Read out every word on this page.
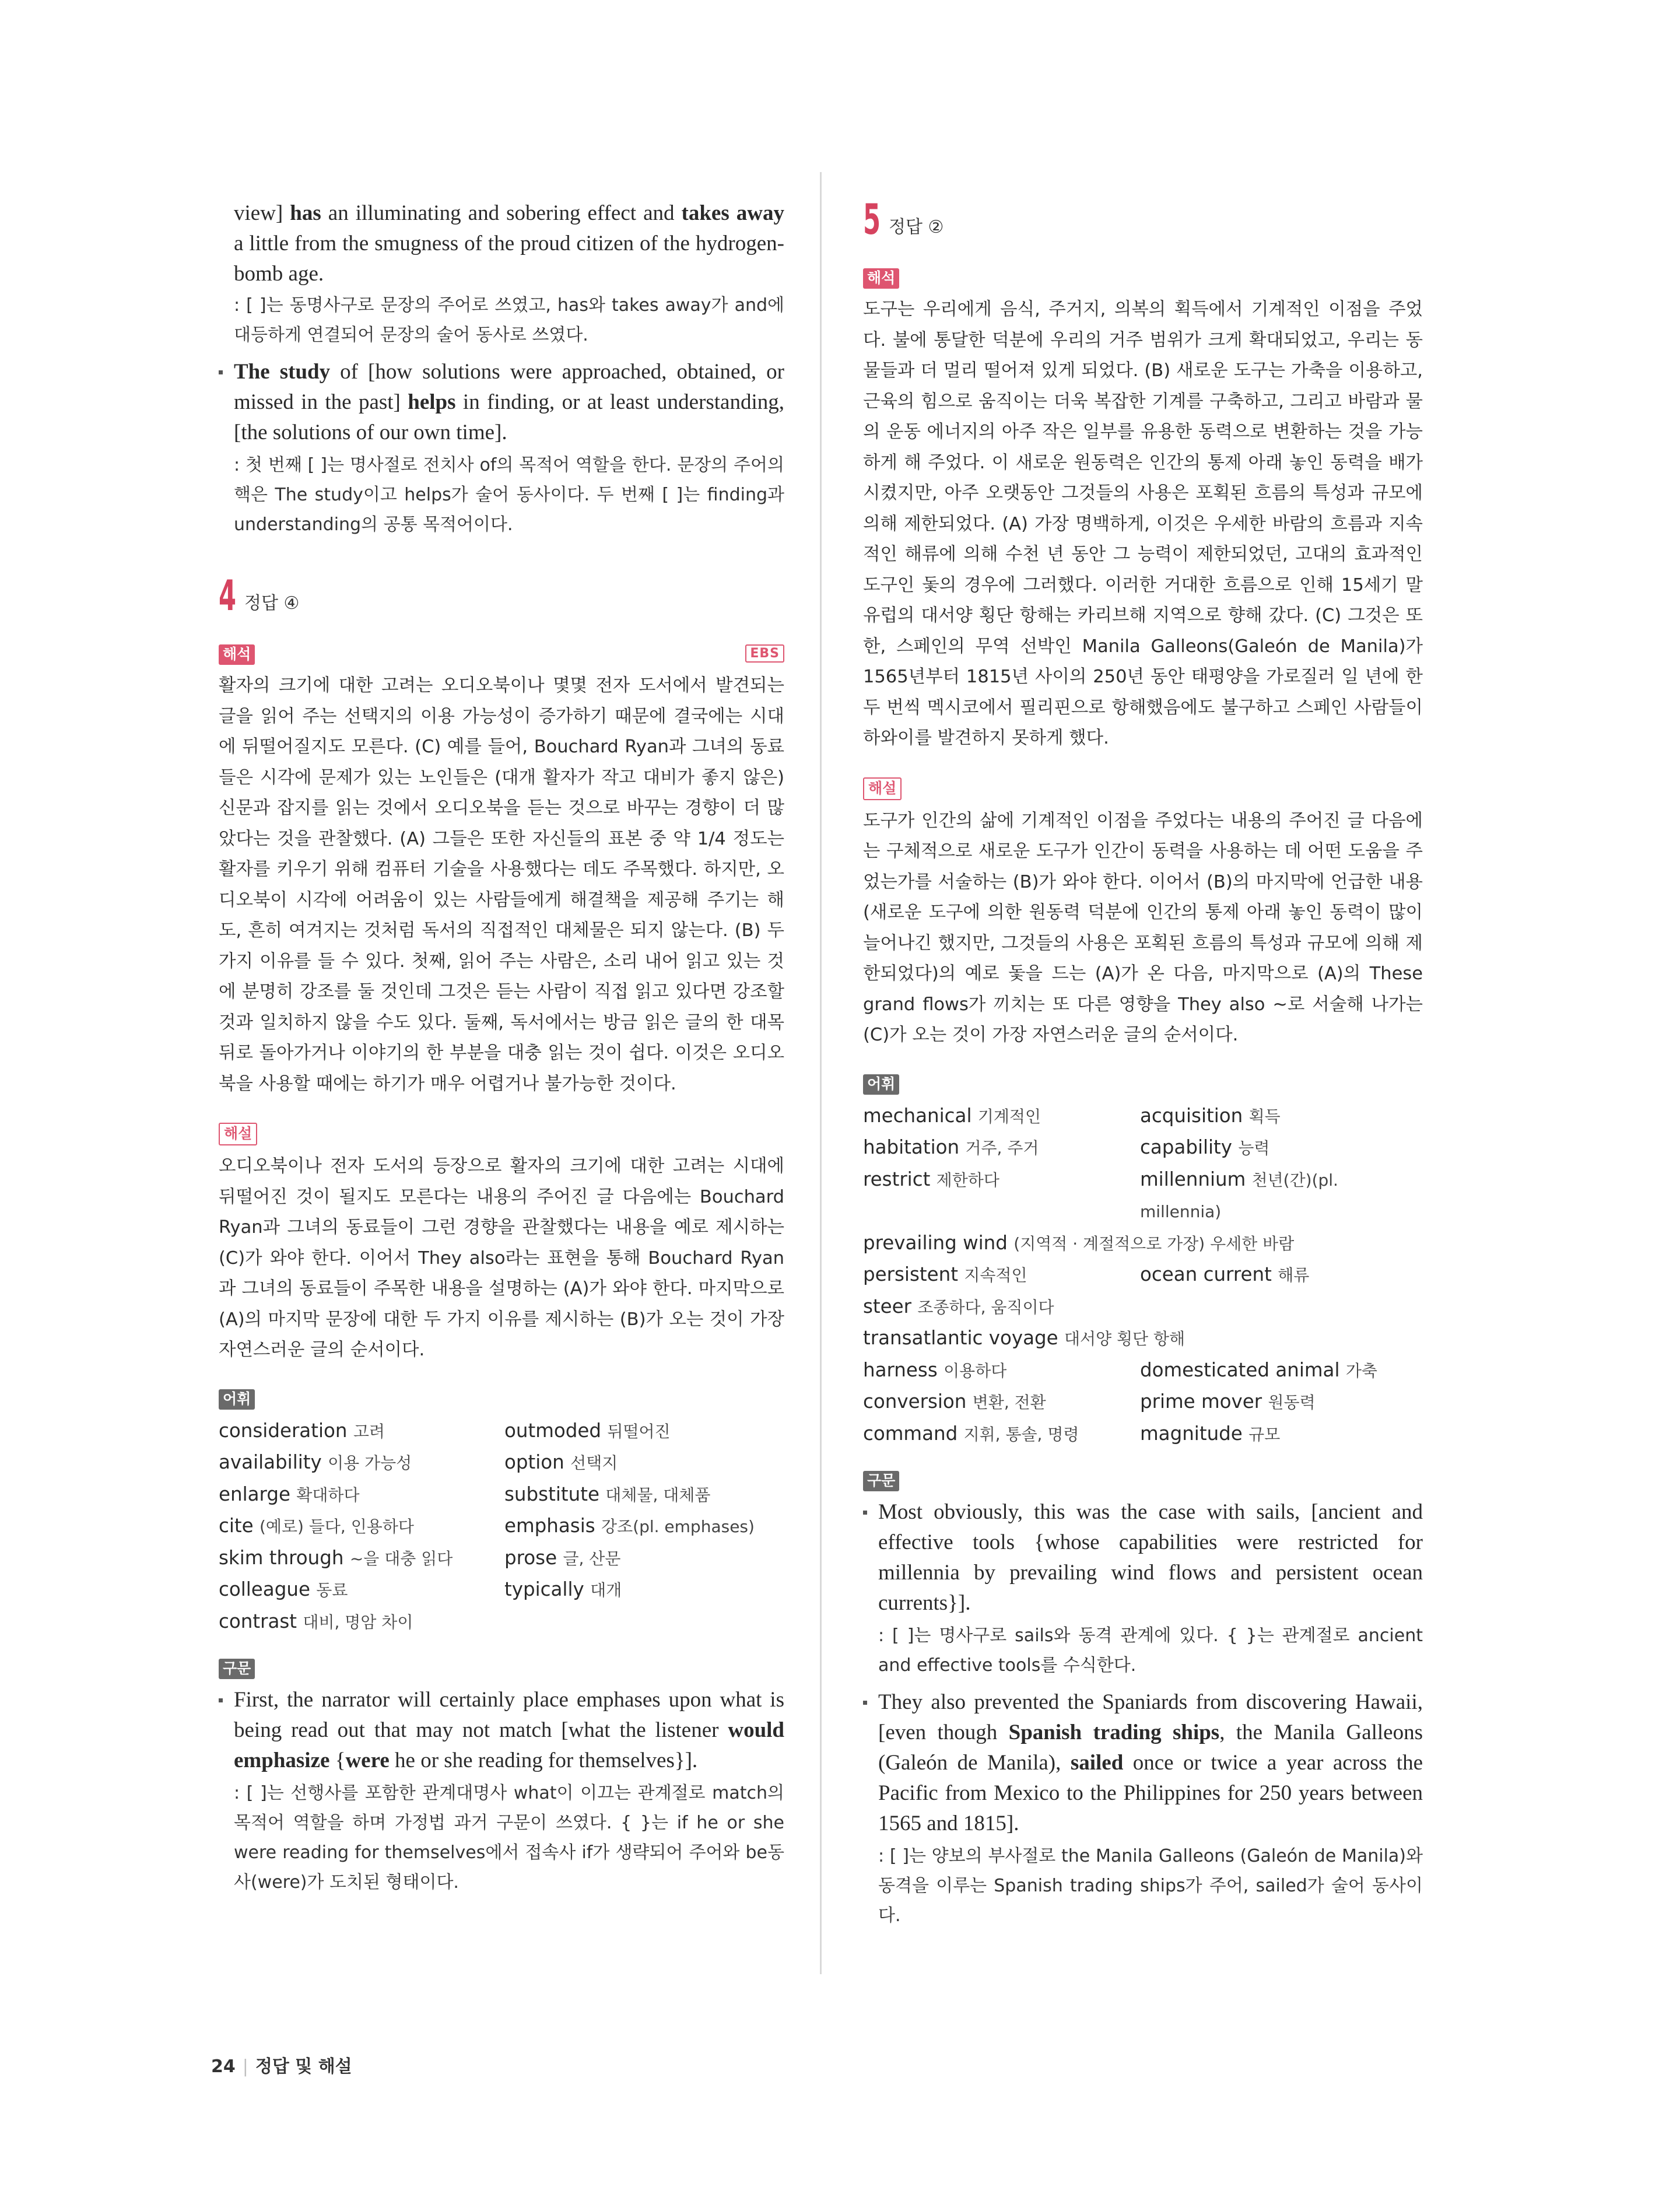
view] has an illuminating and sobering effect and takes away a little from the smugness of the proud citizen of the hydrogen-bomb age.

: [ ]는 동명사구로 문장의 주어로 쓰였고, has와 takes away가 and에 대등하게 연결되어 문장의 술어 동사로 쓰였다.

The study of [how solutions were approached, obtained, or missed in the past] helps in finding, or at least understanding, [the solutions of our own time].

: 첫 번째 [ ]는 명사절로 전치사 of의 목적어 역할을 한다. 문장의 주어의 핵은 The study이고 helps가 술어 동사이다. 두 번째 [ ]는 finding과 understanding의 공통 목적어이다.

4 정답 ④
해석	EBS

활자의 크기에 대한 고려는 오디오북이나 몇몇 전자 도서에서 발견되는 글을 읽어 주는 선택지의 이용 가능성이 증가하기 때문에 결국에는 시대에 뒤떨어질지도 모른다. (C) 예를 들어, Bouchard Ryan과 그녀의 동료들은 시각에 문제가 있는 노인들은 (대개 활자가 작고 대비가 좋지 않은) 신문과 잡지를 읽는 것에서 오디오북을 듣는 것으로 바꾸는 경향이 더 많았다는 것을 관찰했다. (A) 그들은 또한 자신들의 표본 중 약 1/4 정도는 활자를 키우기 위해 컴퓨터 기술을 사용했다는 데도 주목했다. 하지만, 오디오북이 시각에 어려움이 있는 사람들에게 해결책을 제공해 주기는 해도, 흔히 여겨지는 것처럼 독서의 직접적인 대체물은 되지 않는다. (B) 두 가지 이유를 들 수 있다. 첫째, 읽어 주는 사람은, 소리 내어 읽고 있는 것에 분명히 강조를 둘 것인데 그것은 듣는 사람이 직접 읽고 있다면 강조할 것과 일치하지 않을 수도 있다. 둘째, 독서에서는 방금 읽은 글의 한 대목 뒤로 돌아가거나 이야기의 한 부분을 대충 읽는 것이 쉽다. 이것은 오디오북을 사용할 때에는 하기가 매우 어렵거나 불가능한 것이다.

해설

오디오북이나 전자 도서의 등장으로 활자의 크기에 대한 고려는 시대에 뒤떨어진 것이 될지도 모른다는 내용의 주어진 글 다음에는 Bouchard Ryan과 그녀의 동료들이 그런 경향을 관찰했다는 내용을 예로 제시하는 (C)가 와야 한다. 이어서 They also라는 표현을 통해 Bouchard Ryan과 그녀의 동료들이 주목한 내용을 설명하는 (A)가 와야 한다. 마지막으로 (A)의 마지막 문장에 대한 두 가지 이유를 제시하는 (B)가 오는 것이 가장 자연스러운 글의 순서이다.

어휘
consideration 고려	outmoded 뒤떨어진
availability 이용 가능성	option 선택지
enlarge 확대하다	substitute 대체물, 대체품
cite (예로) 들다, 인용하다	emphasis 강조(pl. emphases)
skim through ~을 대충 읽다	prose 글, 산문
colleague 동료	typically 대개
contrast 대비, 명암 차이
구문

First, the narrator will certainly place emphases upon what is being read out that may not match [what the listener would emphasize {were he or she reading for themselves}].

: [ ]는 선행사를 포함한 관계대명사 what이 이끄는 관계절로 match의 목적어 역할을 하며 가정법 과거 구문이 쓰였다. { }는 if he or she were reading for themselves에서 접속사 if가 생략되어 주어와 be동사(were)가 도치된 형태이다.

5 정답 ②
해석

도구는 우리에게 음식, 주거지, 의복의 획득에서 기계적인 이점을 주었다. 불에 통달한 덕분에 우리의 거주 범위가 크게 확대되었고, 우리는 동물들과 더 멀리 떨어져 있게 되었다. (B) 새로운 도구는 가축을 이용하고, 근육의 힘으로 움직이는 더욱 복잡한 기계를 구축하고, 그리고 바람과 물의 운동 에너지의 아주 작은 일부를 유용한 동력으로 변환하는 것을 가능하게 해 주었다. 이 새로운 원동력은 인간의 통제 아래 놓인 동력을 배가시켰지만, 아주 오랫동안 그것들의 사용은 포획된 흐름의 특성과 규모에 의해 제한되었다. (A) 가장 명백하게, 이것은 우세한 바람의 흐름과 지속적인 해류에 의해 수천 년 동안 그 능력이 제한되었던, 고대의 효과적인 도구인 돛의 경우에 그러했다. 이러한 거대한 흐름으로 인해 15세기 말 유럽의 대서양 횡단 항해는 카리브해 지역으로 향해 갔다. (C) 그것은 또한, 스페인의 무역 선박인 Manila Galleons(Galeón de Manila)가 1565년부터 1815년 사이의 250년 동안 태평양을 가로질러 일 년에 한두 번씩 멕시코에서 필리핀으로 항해했음에도 불구하고 스페인 사람들이 하와이를 발견하지 못하게 했다.

해설

도구가 인간의 삶에 기계적인 이점을 주었다는 내용의 주어진 글 다음에는 구체적으로 새로운 도구가 인간이 동력을 사용하는 데 어떤 도움을 주었는가를 서술하는 (B)가 와야 한다. 이어서 (B)의 마지막에 언급한 내용(새로운 도구에 의한 원동력 덕분에 인간의 통제 아래 놓인 동력이 많이 늘어나긴 했지만, 그것들의 사용은 포획된 흐름의 특성과 규모에 의해 제한되었다)의 예로 돛을 드는 (A)가 온 다음, 마지막으로 (A)의 These grand flows가 끼치는 또 다른 영향을 They also ~로 서술해 나가는 (C)가 오는 것이 가장 자연스러운 글의 순서이다.

어휘
mechanical 기계적인	acquisition 획득
habitation 거주, 주거	capability 능력
restrict 제한하다	millennium 천년(간)(pl. millennia)
prevailing wind (지역적 · 계절적으로 가장) 우세한 바람
persistent 지속적인	ocean current 해류
steer 조종하다, 움직이다
transatlantic voyage 대서양 횡단 항해
harness 이용하다	domesticated animal 가축
conversion 변환, 전환	prime mover 원동력
command 지휘, 통솔, 명령	magnitude 규모
구문

Most obviously, this was the case with sails, [ancient and effective tools {whose capabilities were restricted for millennia by prevailing wind flows and persistent ocean currents}].

: [ ]는 명사구로 sails와 동격 관계에 있다. { }는 관계절로 ancient and effective tools를 수식한다.

They also prevented the Spaniards from discovering Hawaii, [even though Spanish trading ships, the Manila Galleons (Galeón de Manila), sailed once or twice a year across the Pacific from Mexico to the Philippines for 250 years between 1565 and 1815].

: [ ]는 양보의 부사절로 the Manila Galleons (Galeón de Manila)와 동격을 이루는 Spanish trading ships가 주어, sailed가 술어 동사이다.

24 | 정답 및 해설
